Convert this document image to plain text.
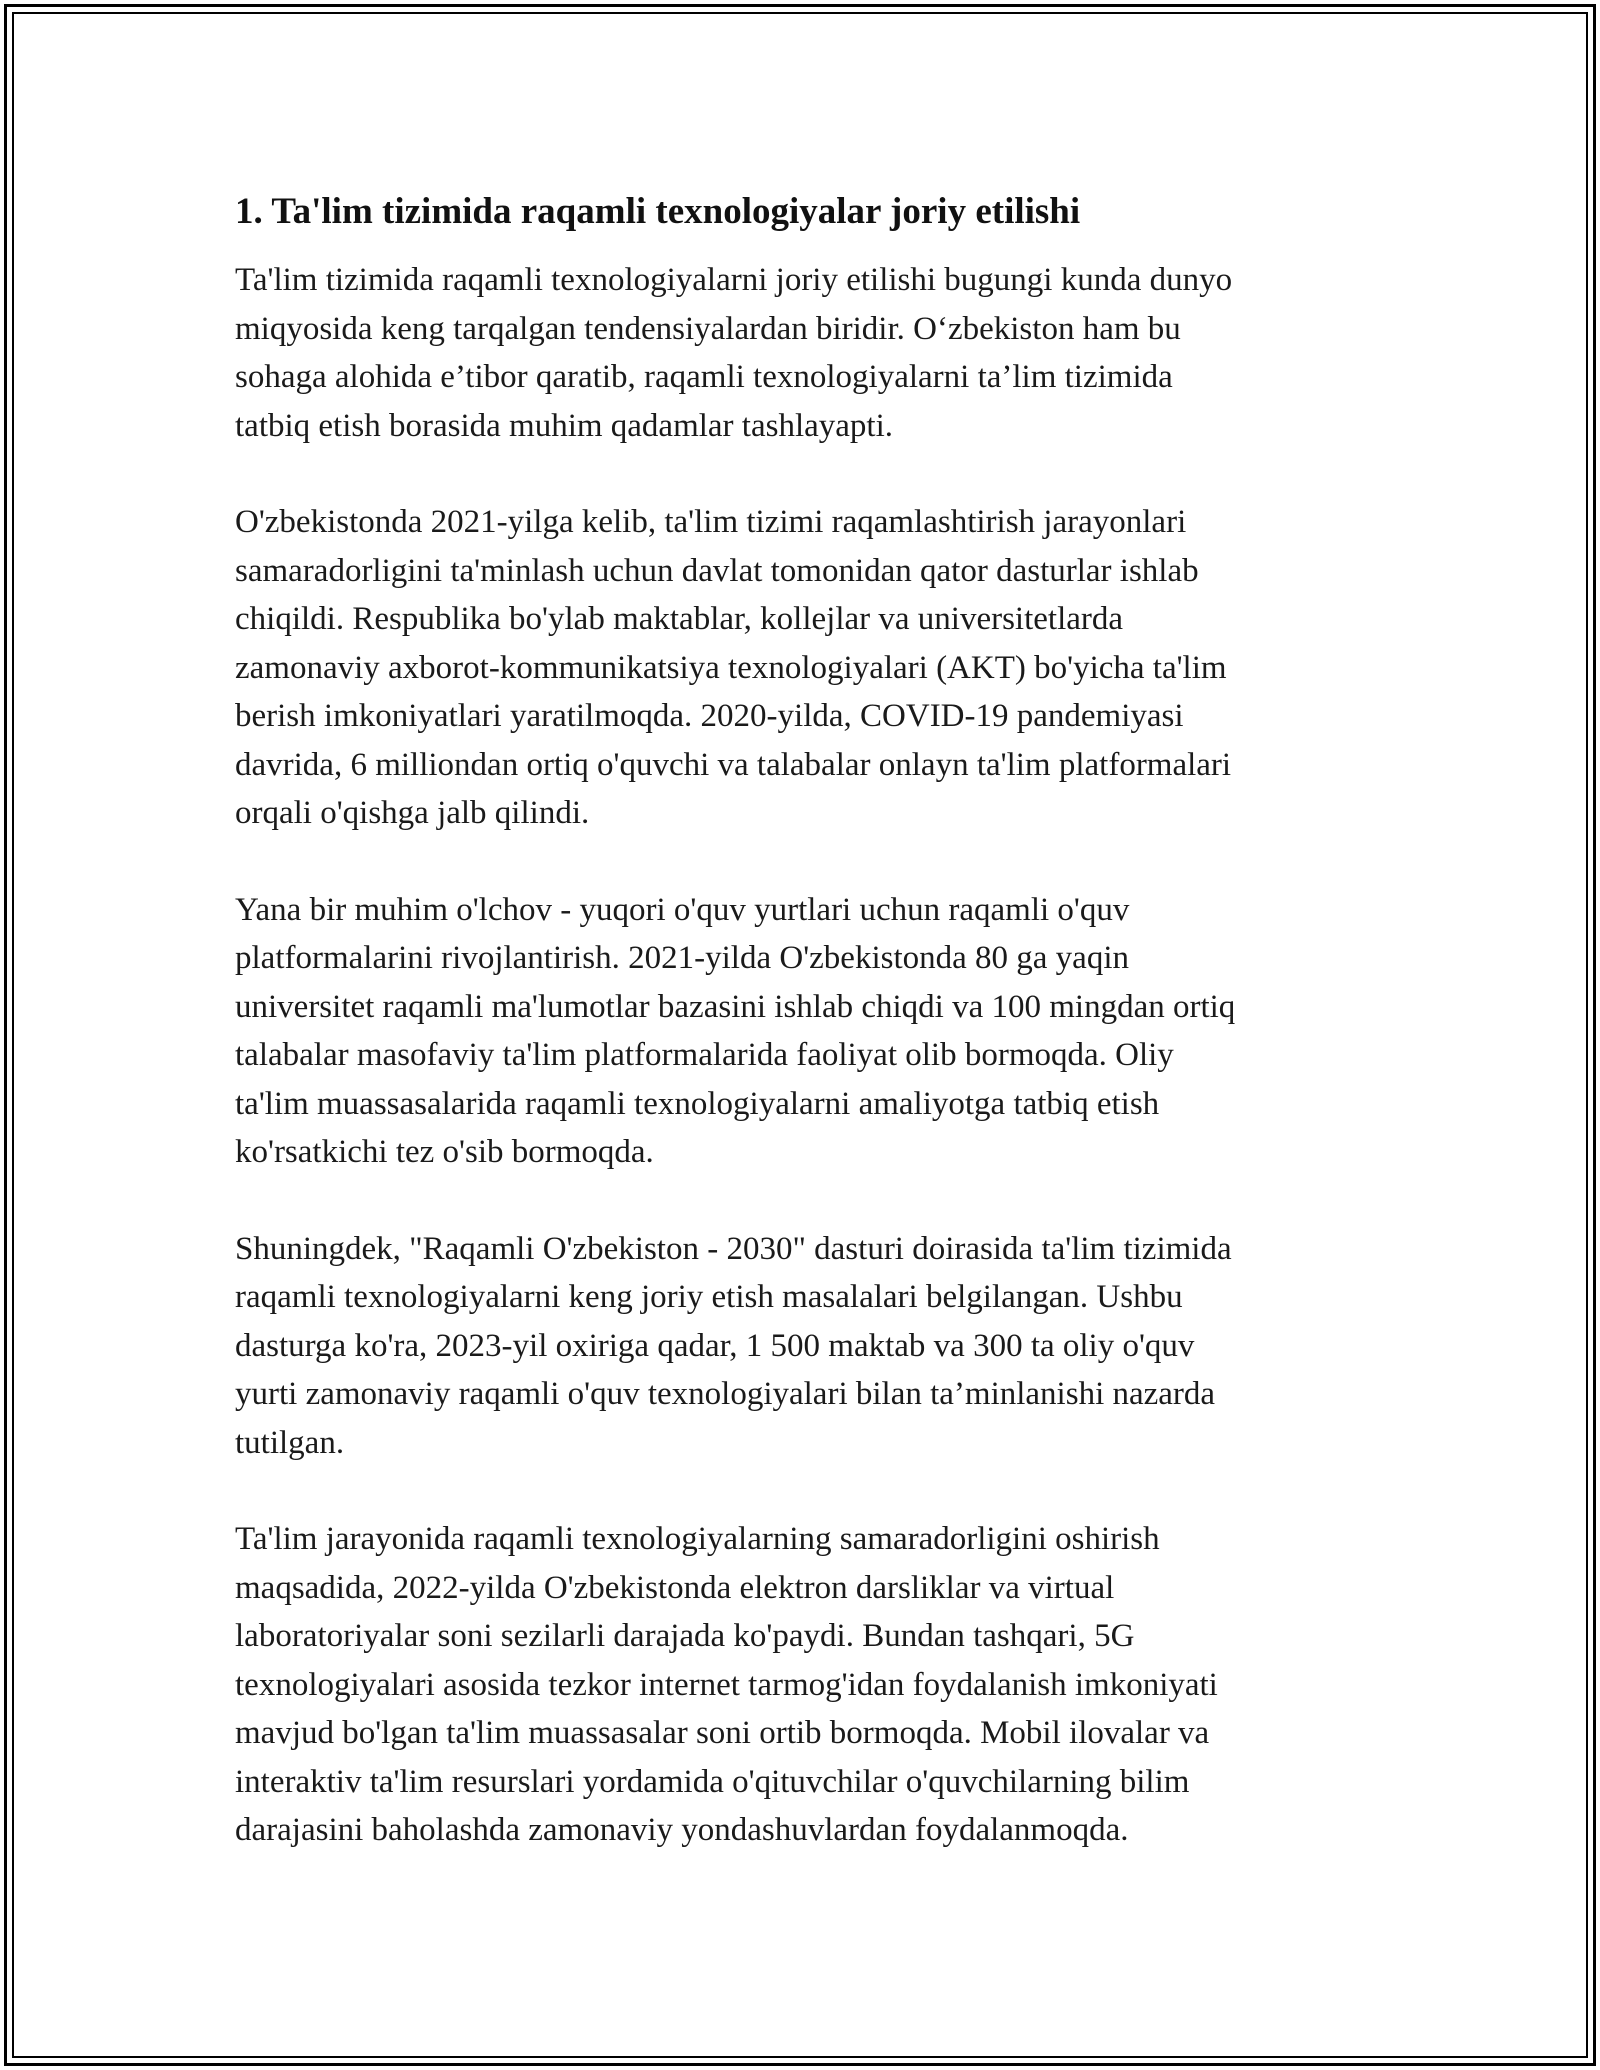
1. Ta'lim tizimida raqamli texnologiyalar joriy etilishi

Ta'lim tizimida raqamli texnologiyalarni joriy etilishi bugungi kunda dunyo
miqyosida keng tarqalgan tendensiyalardan biridir. O‘zbekiston ham bu
sohaga alohida e’tibor qaratib, raqamli texnologiyalarni ta’lim tizimida
tatbiq etish borasida muhim qadamlar tashlayapti.

O'zbekistonda 2021-yilga kelib, ta'lim tizimi raqamlashtirish jarayonlari
samaradorligini ta'minlash uchun davlat tomonidan qator dasturlar ishlab
chiqildi. Respublika bo'ylab maktablar, kollejlar va universitetlarda
zamonaviy axborot-kommunikatsiya texnologiyalari (AKT) bo'yicha ta'lim
berish imkoniyatlari yaratilmoqda. 2020-yilda, COVID-19 pandemiyasi
davrida, 6 milliondan ortiq o'quvchi va talabalar onlayn ta'lim platformalari
orqali o'qishga jalb qilindi.

Yana bir muhim o'lchov - yuqori o'quv yurtlari uchun raqamli o'quv
platformalarini rivojlantirish. 2021-yilda O'zbekistonda 80 ga yaqin
universitet raqamli ma'lumotlar bazasini ishlab chiqdi va 100 mingdan ortiq
talabalar masofaviy ta'lim platformalarida faoliyat olib bormoqda. Oliy
ta'lim muassasalarida raqamli texnologiyalarni amaliyotga tatbiq etish
ko'rsatkichi tez o'sib bormoqda.

Shuningdek, "Raqamli O'zbekiston - 2030" dasturi doirasida ta'lim tizimida
raqamli texnologiyalarni keng joriy etish masalalari belgilangan. Ushbu
dasturga ko'ra, 2023-yil oxiriga qadar, 1 500 maktab va 300 ta oliy o'quv
yurti zamonaviy raqamli o'quv texnologiyalari bilan ta’minlanishi nazarda
tutilgan.

Ta'lim jarayonida raqamli texnologiyalarning samaradorligini oshirish
maqsadida, 2022-yilda O'zbekistonda elektron darsliklar va virtual
laboratoriyalar soni sezilarli darajada ko'paydi. Bundan tashqari, 5G
texnologiyalari asosida tezkor internet tarmog'idan foydalanish imkoniyati
mavjud bo'lgan ta'lim muassasalar soni ortib bormoqda. Mobil ilovalar va
interaktiv ta'lim resurslari yordamida o'qituvchilar o'quvchilarning bilim
darajasini baholashda zamonaviy yondashuvlardan foydalanmoqda.
